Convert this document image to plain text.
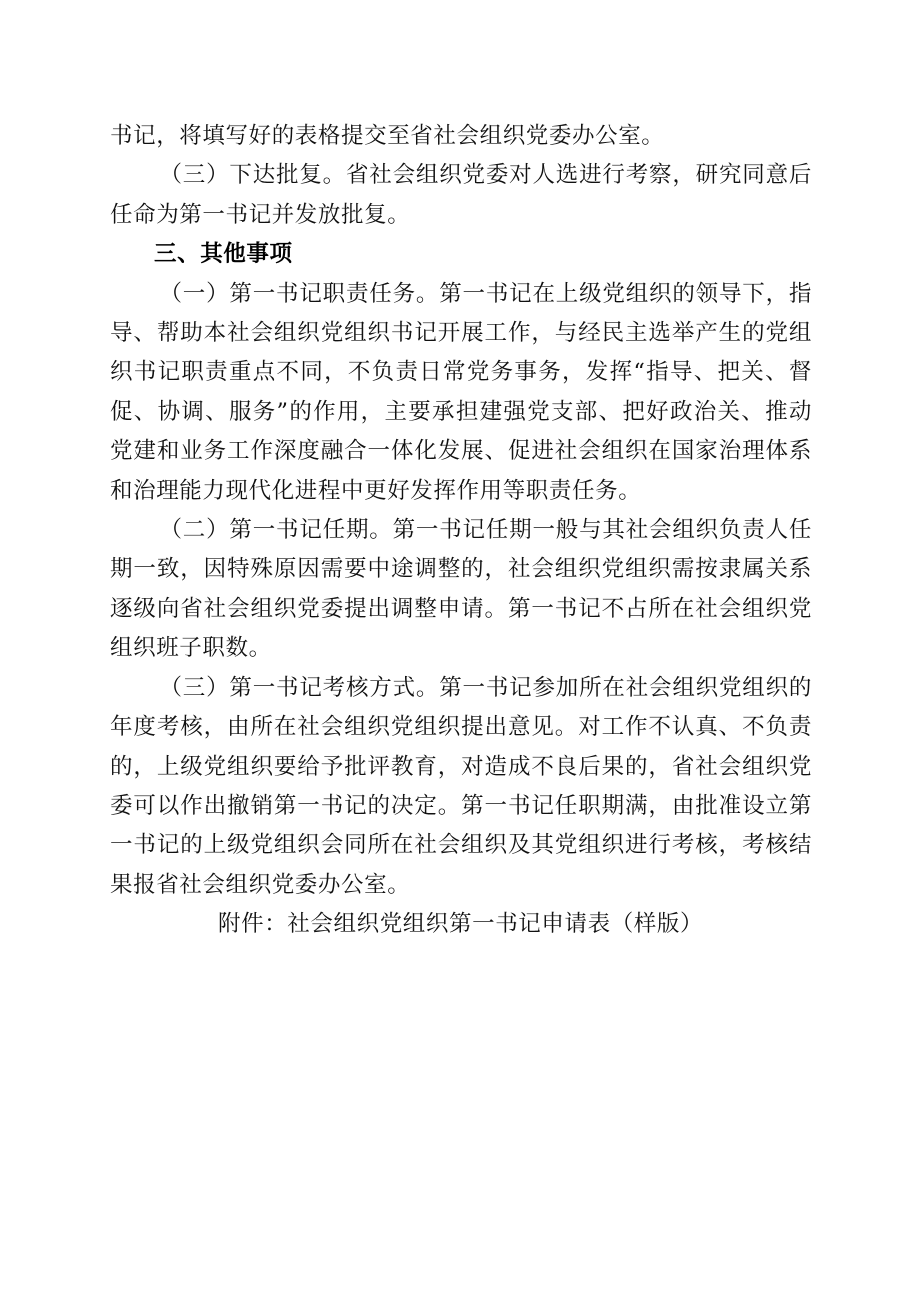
书记，将填写好的表格提交至省社会组织党委办公室。

（三）下达批复。省社会组织党委对人选进行考察，研究同意后任命为第一书记并发放批复。

三、其他事项

（一）第一书记职责任务。第一书记在上级党组织的领导下，指导、帮助本社会组织党组织书记开展工作，与经民主选举产生的党组织书记职责重点不同，不负责日常党务事务，发挥“指导、把关、督促、协调、服务”的作用，主要承担建强党支部、把好政治关、推动党建和业务工作深度融合一体化发展、促进社会组织在国家治理体系和治理能力现代化进程中更好发挥作用等职责任务。

（二）第一书记任期。第一书记任期一般与其社会组织负责人任期一致，因特殊原因需要中途调整的，社会组织党组织需按隶属关系逐级向省社会组织党委提出调整申请。第一书记不占所在社会组织党组织班子职数。

（三）第一书记考核方式。第一书记参加所在社会组织党组织的年度考核，由所在社会组织党组织提出意见。对工作不认真、不负责的，上级党组织要给予批评教育，对造成不良后果的，省社会组织党委可以作出撤销第一书记的决定。第一书记任职期满，由批准设立第一书记的上级党组织会同所在社会组织及其党组织进行考核，考核结果报省社会组织党委办公室。

附件：社会组织党组织第一书记申请表（样版）
